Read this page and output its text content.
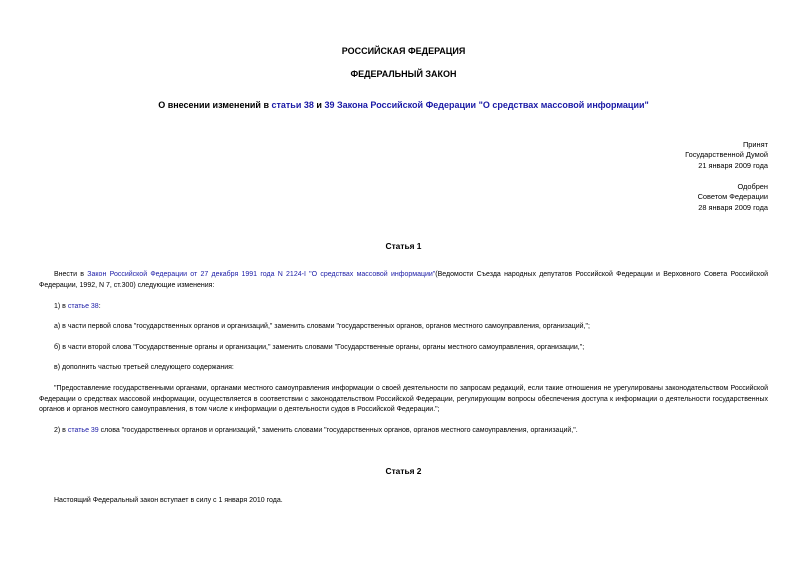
РОССИЙСКАЯ ФЕДЕРАЦИЯ
ФЕДЕРАЛЬНЫЙ ЗАКОН
О внесении изменений в статьи 38 и 39 Закона Российской Федерации "О средствах массовой информации"
Принят
Государственной Думой
21 января 2009 года
Одобрен
Советом Федерации
28 января 2009 года
Статья 1
Внести в Закон Российской Федерации от 27 декабря 1991 года N 2124-I "О средствах массовой информации"(Ведомости Съезда народных депутатов Российской Федерации и Верховного Совета Российской Федерации, 1992, N 7, ст.300) следующие изменения:
1) в статье 38:
а) в части первой слова "государственных органов и организаций," заменить словами "государственных органов, органов местного самоуправления, организаций,";
б) в части второй слова "Государственные органы и организации," заменить словами "Государственные органы, органы местного самоуправления, организации,";
в) дополнить частью третьей следующего содержания:
"Предоставление государственными органами, органами местного самоуправления информации о своей деятельности по запросам редакций, если такие отношения не урегулированы законодательством Российской Федерации о средствах массовой информации, осуществляется в соответствии с законодательством Российской Федерации, регулирующим вопросы обеспечения доступа к информации о деятельности государственных органов и органов местного самоуправления, в том числе к информации о деятельности судов в Российской Федерации.";
2) в статье 39 слова "государственных органов и организаций," заменить словами "государственных органов, органов местного самоуправления, организаций,".
Статья 2
Настоящий Федеральный закон вступает в силу с 1 января 2010 года.
